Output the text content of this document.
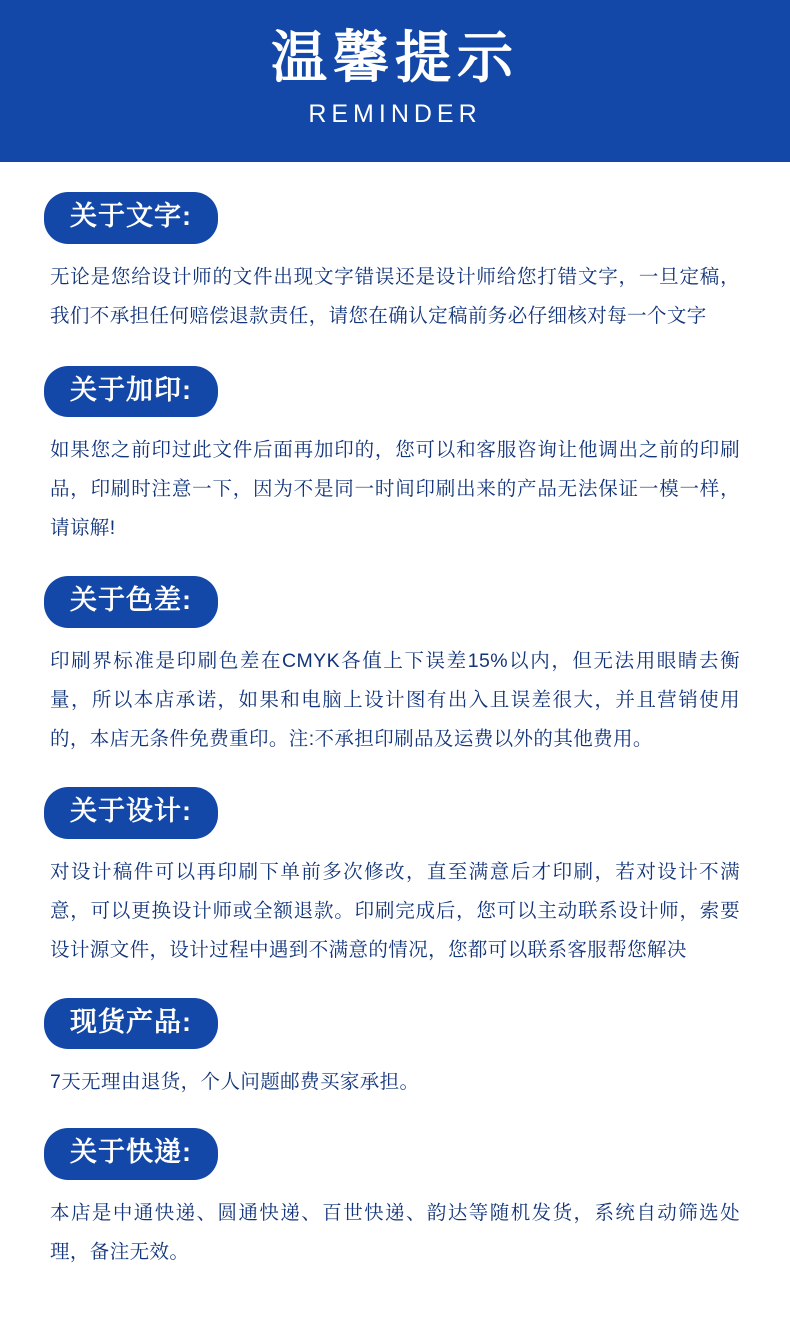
温馨提示
REMINDER
关于文字:

无论是您给设计师的文件出现文字错误还是设计师给您打错文字，一旦定稿，我们不承担任何赔偿退款责任，请您在确认定稿前务必仔细核对每一个文字

关于加印:

如果您之前印过此文件后面再加印的，您可以和客服咨询让他调出之前的印刷品，印刷时注意一下，因为不是同一时间印刷出来的产品无法保证一模一样，请谅解!

关于色差:

印刷界标准是印刷色差在CMYK各值上下误差15%以内，但无法用眼睛去衡量，所以本店承诺，如果和电脑上设计图有出入且误差很大，并且营销使用的，本店无条件免费重印。注:不承担印刷品及运费以外的其他费用。

关于设计:

对设计稿件可以再印刷下单前多次修改，直至满意后才印刷，若对设计不满意，可以更换设计师或全额退款。印刷完成后，您可以主动联系设计师，索要设计源文件，设计过程中遇到不满意的情况，您都可以联系客服帮您解决

现货产品:

7天无理由退货，个人问题邮费买家承担。

关于快递:

本店是中通快递、圆通快递、百世快递、韵达等随机发货，系统自动筛选处理，备注无效。
